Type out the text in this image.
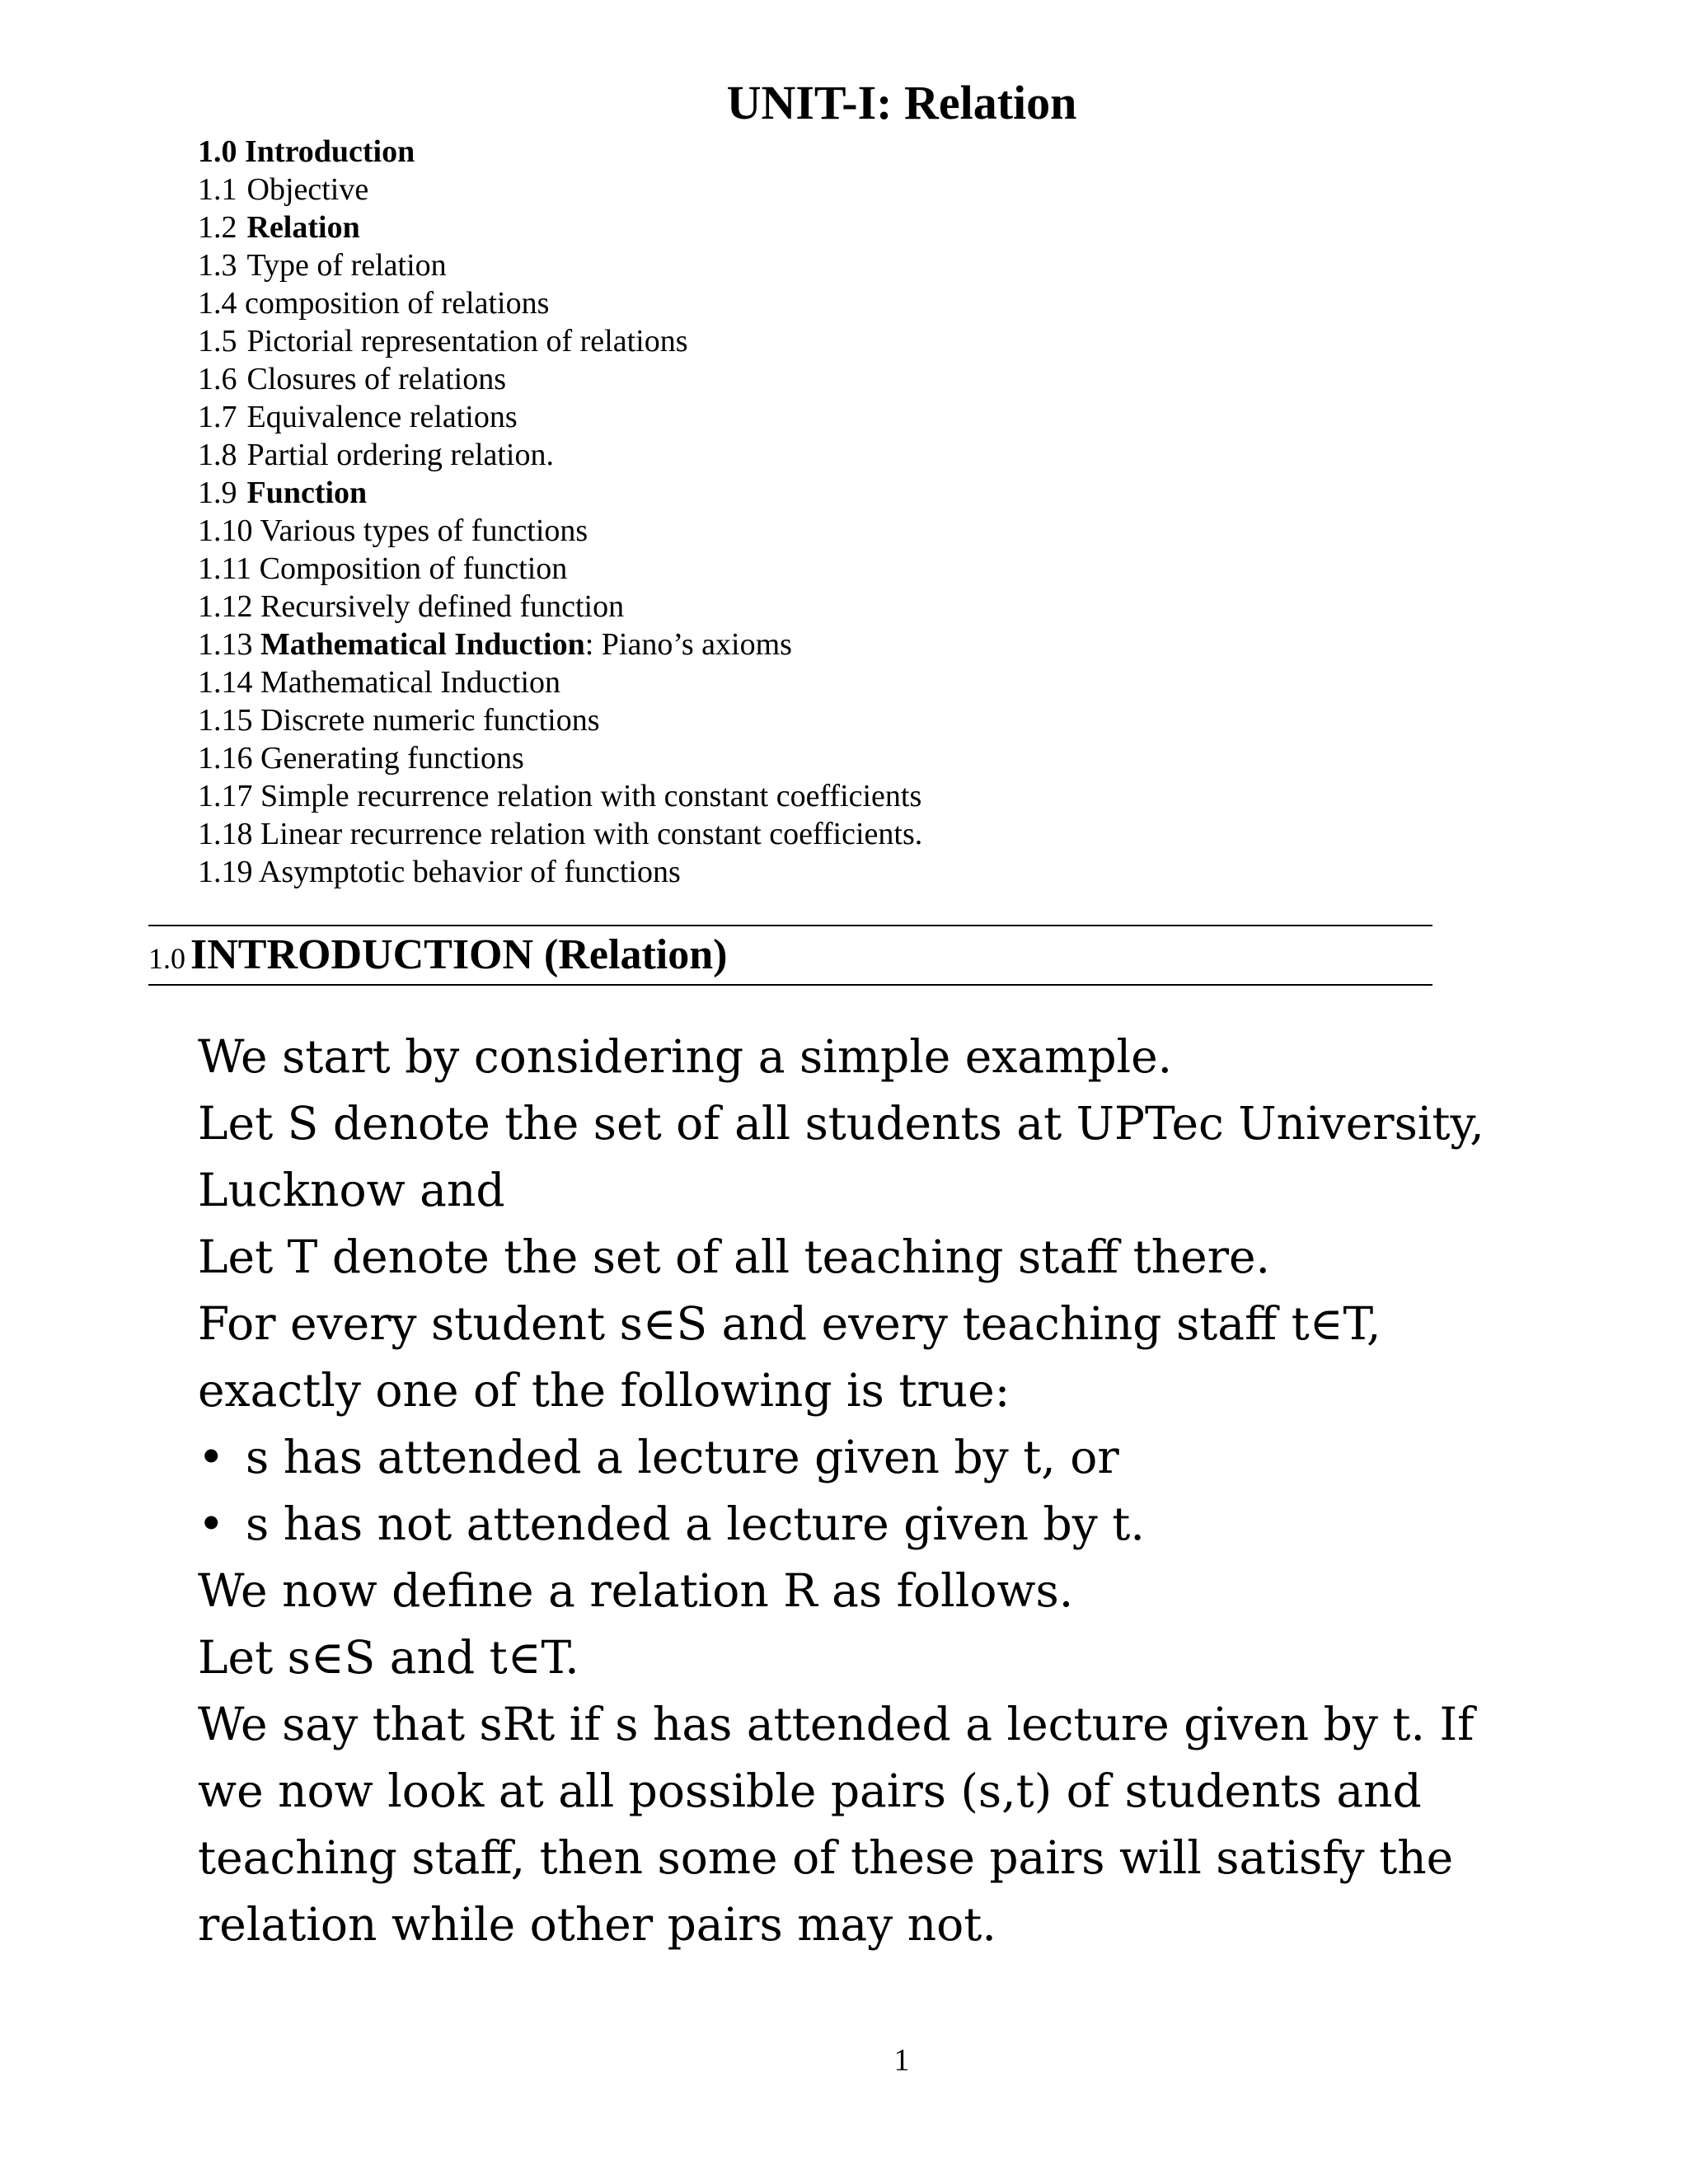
UNIT-I: Relation
1.0 Introduction
1.1 Objective
1.2 Relation
1.3 Type of relation
1.4 composition of relations
1.5 Pictorial representation of relations
1.6 Closures of relations
1.7 Equivalence relations
1.8 Partial ordering relation.
1.9 Function
1.10 Various types of functions
1.11 Composition of function
1.12 Recursively defined function
1.13 Mathematical Induction: Piano’s axioms
1.14 Mathematical Induction
1.15 Discrete numeric functions
1.16 Generating functions
1.17 Simple recurrence relation with constant coefficients
1.18 Linear recurrence relation with constant coefficients.
1.19 Asymptotic behavior of functions
1.0 INTRODUCTION (Relation)

We start by considering a simple example.

Let S denote the set of all students at UPTec University,

Lucknow and

Let T denote the set of all teaching staff there.

For every student s∈S and every teaching staff t∈T,

exactly one of the following is true:

• s has attended a lecture given by t, or

• s has not attended a lecture given by t.

We now define a relation R as follows.

Let s∈S and t∈T.

We say that sRt if s has attended a lecture given by t. If

we now look at all possible pairs (s,t) of students and

teaching staff, then some of these pairs will satisfy the

relation while other pairs may not.

1
